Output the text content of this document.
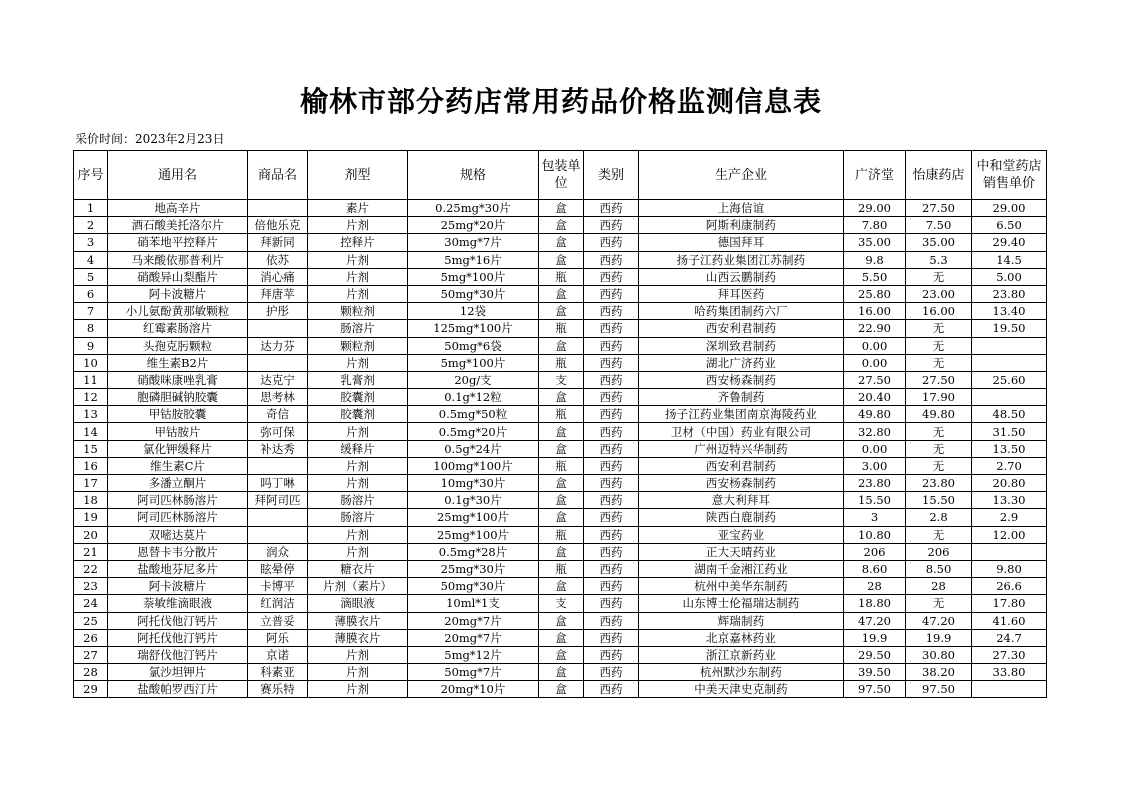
榆林市部分药店常用药品价格监测信息表
采价时间：2023年2月23日
序号	通用名	商品名	剂型	规格	包装单位	类别	生产企业	广济堂	怡康药店	中和堂药店销售单价
1	地高辛片		素片	0.25mg*30片	盒	西药	上海信谊	29.00	27.50	29.00
2	酒石酸美托洛尔片	倍他乐克	片剂	25mg*20片	盒	西药	阿斯利康制药	7.80	7.50	6.50
3	硝苯地平控释片	拜新同	控释片	30mg*7片	盒	西药	德国拜耳	35.00	35.00	29.40
4	马来酸依那普利片	依苏	片剂	5mg*16片	盒	西药	扬子江药业集团江苏制药	9.8	5.3	14.5
5	硝酸异山梨酯片	消心痛	片剂	5mg*100片	瓶	西药	山西云鹏制药	5.50	无	5.00
6	阿卡波糖片	拜唐苹	片剂	50mg*30片	盒	西药	拜耳医药	25.80	23.00	23.80
7	小儿氨酚黄那敏颗粒	护彤	颗粒剂	12袋	盒	西药	哈药集团制药六厂	16.00	16.00	13.40
8	红霉素肠溶片		肠溶片	125mg*100片	瓶	西药	西安利君制药	22.90	无	19.50
9	头孢克肟颗粒	达力芬	颗粒剂	50mg*6袋	盒	西药	深圳致君制药	0.00	无	
10	维生素B2片		片剂	5mg*100片	瓶	西药	湖北广济药业	0.00	无	
11	硝酸咪康唑乳膏	达克宁	乳膏剂	20g/支	支	西药	西安杨森制药	27.50	27.50	25.60
12	胞磷胆碱钠胶囊	思考林	胶囊剂	0.1g*12粒	盒	西药	齐鲁制药	20.40	17.90	
13	甲钴胺胶囊	奇信	胶囊剂	0.5mg*50粒	瓶	西药	扬子江药业集团南京海陵药业	49.80	49.80	48.50
14	甲钴胺片	弥可保	片剂	0.5mg*20片	盒	西药	卫材（中国）药业有限公司	32.80	无	31.50
15	氯化钾缓释片	补达秀	缓释片	0.5g*24片	盒	西药	广州迈特兴华制药	0.00	无	13.50
16	维生素C片		片剂	100mg*100片	瓶	西药	西安利君制药	3.00	无	2.70
17	多潘立酮片	吗丁啉	片剂	10mg*30片	盒	西药	西安杨森制药	23.80	23.80	20.80
18	阿司匹林肠溶片	拜阿司匹	肠溶片	0.1g*30片	盒	西药	意大利拜耳	15.50	15.50	13.30
19	阿司匹林肠溶片		肠溶片	25mg*100片	盒	西药	陕西白鹿制药	3	2.8	2.9
20	双嘧达莫片		片剂	25mg*100片	瓶	西药	亚宝药业	10.80	无	12.00
21	恩替卡韦分散片	润众	片剂	0.5mg*28片	盒	西药	正大天晴药业	206	206	
22	盐酸地芬尼多片	眩晕停	糖衣片	25mg*30片	瓶	西药	湖南千金湘江药业	8.60	8.50	9.80
23	阿卡波糖片	卡博平	片剂（素片）	50mg*30片	盒	西药	杭州中美华东制药	28	28	26.6
24	萘敏维滴眼液	红润洁	滴眼液	10ml*1支	支	西药	山东博士伦福瑞达制药	18.80	无	17.80
25	阿托伐他汀钙片	立普妥	薄膜衣片	20mg*7片	盒	西药	辉瑞制药	47.20	47.20	41.60
26	阿托伐他汀钙片	阿乐	薄膜衣片	20mg*7片	盒	西药	北京嘉林药业	19.9	19.9	24.7
27	瑞舒伐他汀钙片	京诺	片剂	5mg*12片	盒	西药	浙江京新药业	29.50	30.80	27.30
28	氯沙坦钾片	科素亚	片剂	50mg*7片	盒	西药	杭州默沙东制药	39.50	38.20	33.80
29	盐酸帕罗西汀片	赛乐特	片剂	20mg*10片	盒	西药	中美天津史克制药	97.50	97.50	
